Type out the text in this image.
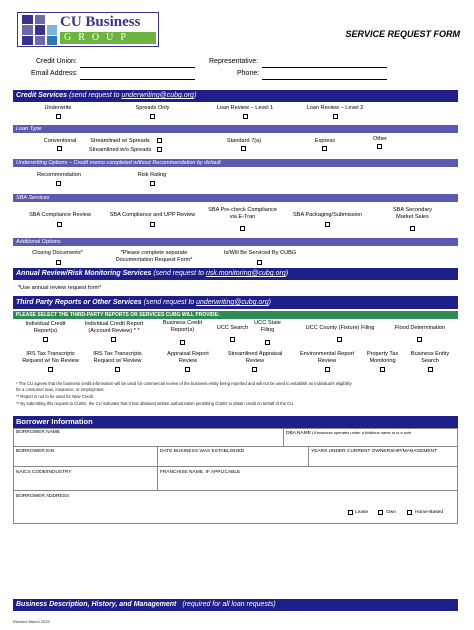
CU Business
GROUP	SERVICE REQUEST FORM
Credit Union:	Representative:
Email Address:	Phone:
Credit Services (send request to underwriting@cubg.org)
Underwrite	Spreads Only	Loan Review – Level 1	Loan Review – Level 2
Loan Type
Conventional	Streamlined w/ Spreads
Streamlined w/o Spreads
Standard 7(a)	Express	Other
Underwriting Options – Credit memo completed without Recommendation by default
Recommendation	Risk Rating
SBA Services
SBA Compliance Review	SBA Compliance and UPP Review
SBA Pre-check Compliance via E-Tran	SBA Packaging/Submission
SBA Secondary Market Sales
Additional Options
Closing Documents*	*Please complete separate Documentation Request Form*
Is/Will Be Serviced By CUBG
Annual Review/Risk Monitoring Services (send request to risk.monitoring@cubg.org)
*Use annual review request form*
Third Party Reports or Other Services (send request to underwriting@cubg.org)
PLEASE SELECT THE THIRD-PARTY REPORTS OR SERVICES CUBG WILL PROVIDE:
Individual Credit Report(s)
Individual Credit Report (Account Review) * *
Business Credit Report(s)	UCC Search
UCC State Filing	UCC County (Fixture) Filing	Flood Determination
IRS Tax Transcripts Request w/ No Review
IRS Tax Transcripts Request w/ Review
Appraisal Report Review
Streamlined Appraisal Review
Environmental Report Review
Property Tax Monitoring
Business Entity Search
* The CU agrees that the business credit information will be used for commercial review of the business entity being reported and will not be used to establish an individual's eligibility
for a consumer loan, insurance, or employment.
** Report is not to be used for New Credit
** By submitting this request to CUBG, the CU indicates that it has obtained written authorization permitting CUBG to obtain credit on behalf of the CU.
Borrower Information
BORROWER NAME	DBA NAME (If business operates under a fictitious name or is a sole
BORROWER EIN	DATE BUSINESS WAS ESTABLISHED	YEARS UNDER CURRENT OWNERSHIP/MANAGEMENT
NAICS CODE/INDUSTRY	FRANCHISE NAME, IF APPLICABLE
BORROWER ADDRESS
Lease	Own	Home-Based
Business Description, History, and Management (required for all loan requests)
Revised March 2025
